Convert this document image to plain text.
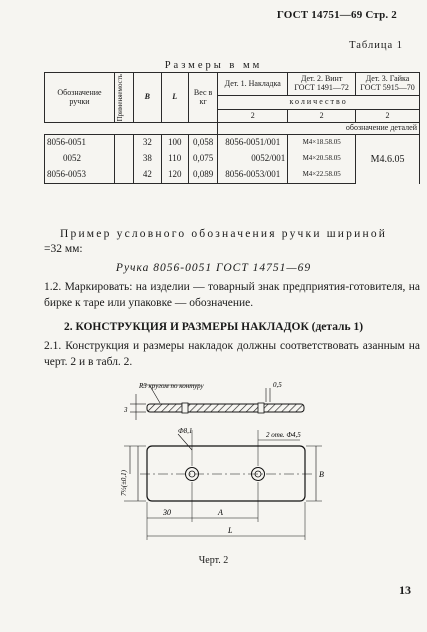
ГОСТ 14751—69 Стр. 2
Таблица 1
Размеры в мм
Обозначение ручки	Применяемость	B	L	Вес в кг	Дет. 1. Накладка	Дет. 2. Винт ГОСТ 1491—72	Дет. 3. Гайка ГОСТ 5915—70
					количество		
					2	2	2
					обозначение деталей		
8056-0051		32	100	0,058	8056-0051/001	M4×18.58.05	M4.6.05
0052		38	110	0,075	0052/001	M4×20.58.05	
8056-0053		42	120	0,089	8056-0053/001	M4×22.58.05	

Пример условного обозначения ручки шириной

=32 мм:

Ручка 8056-0051 ГОСТ 14751—69

1.2. Маркировать: на изделии — товарный знак предприятия-готовителя, на бирке к таре или упаковке — обозначение.

2. КОНСТРУКЦИЯ И РАЗМЕРЫ НАКЛАДОК (деталь 1)

2.1. Конструкция и размеры накладок должны соответствовать азанным на черт. 2 и в табл. 2.

R3 кругом по контуру
3
0,5
Ф8,1	2 отв. Ф4,5
7½(±0,1)	B
30	A
L
Черт. 2
13
